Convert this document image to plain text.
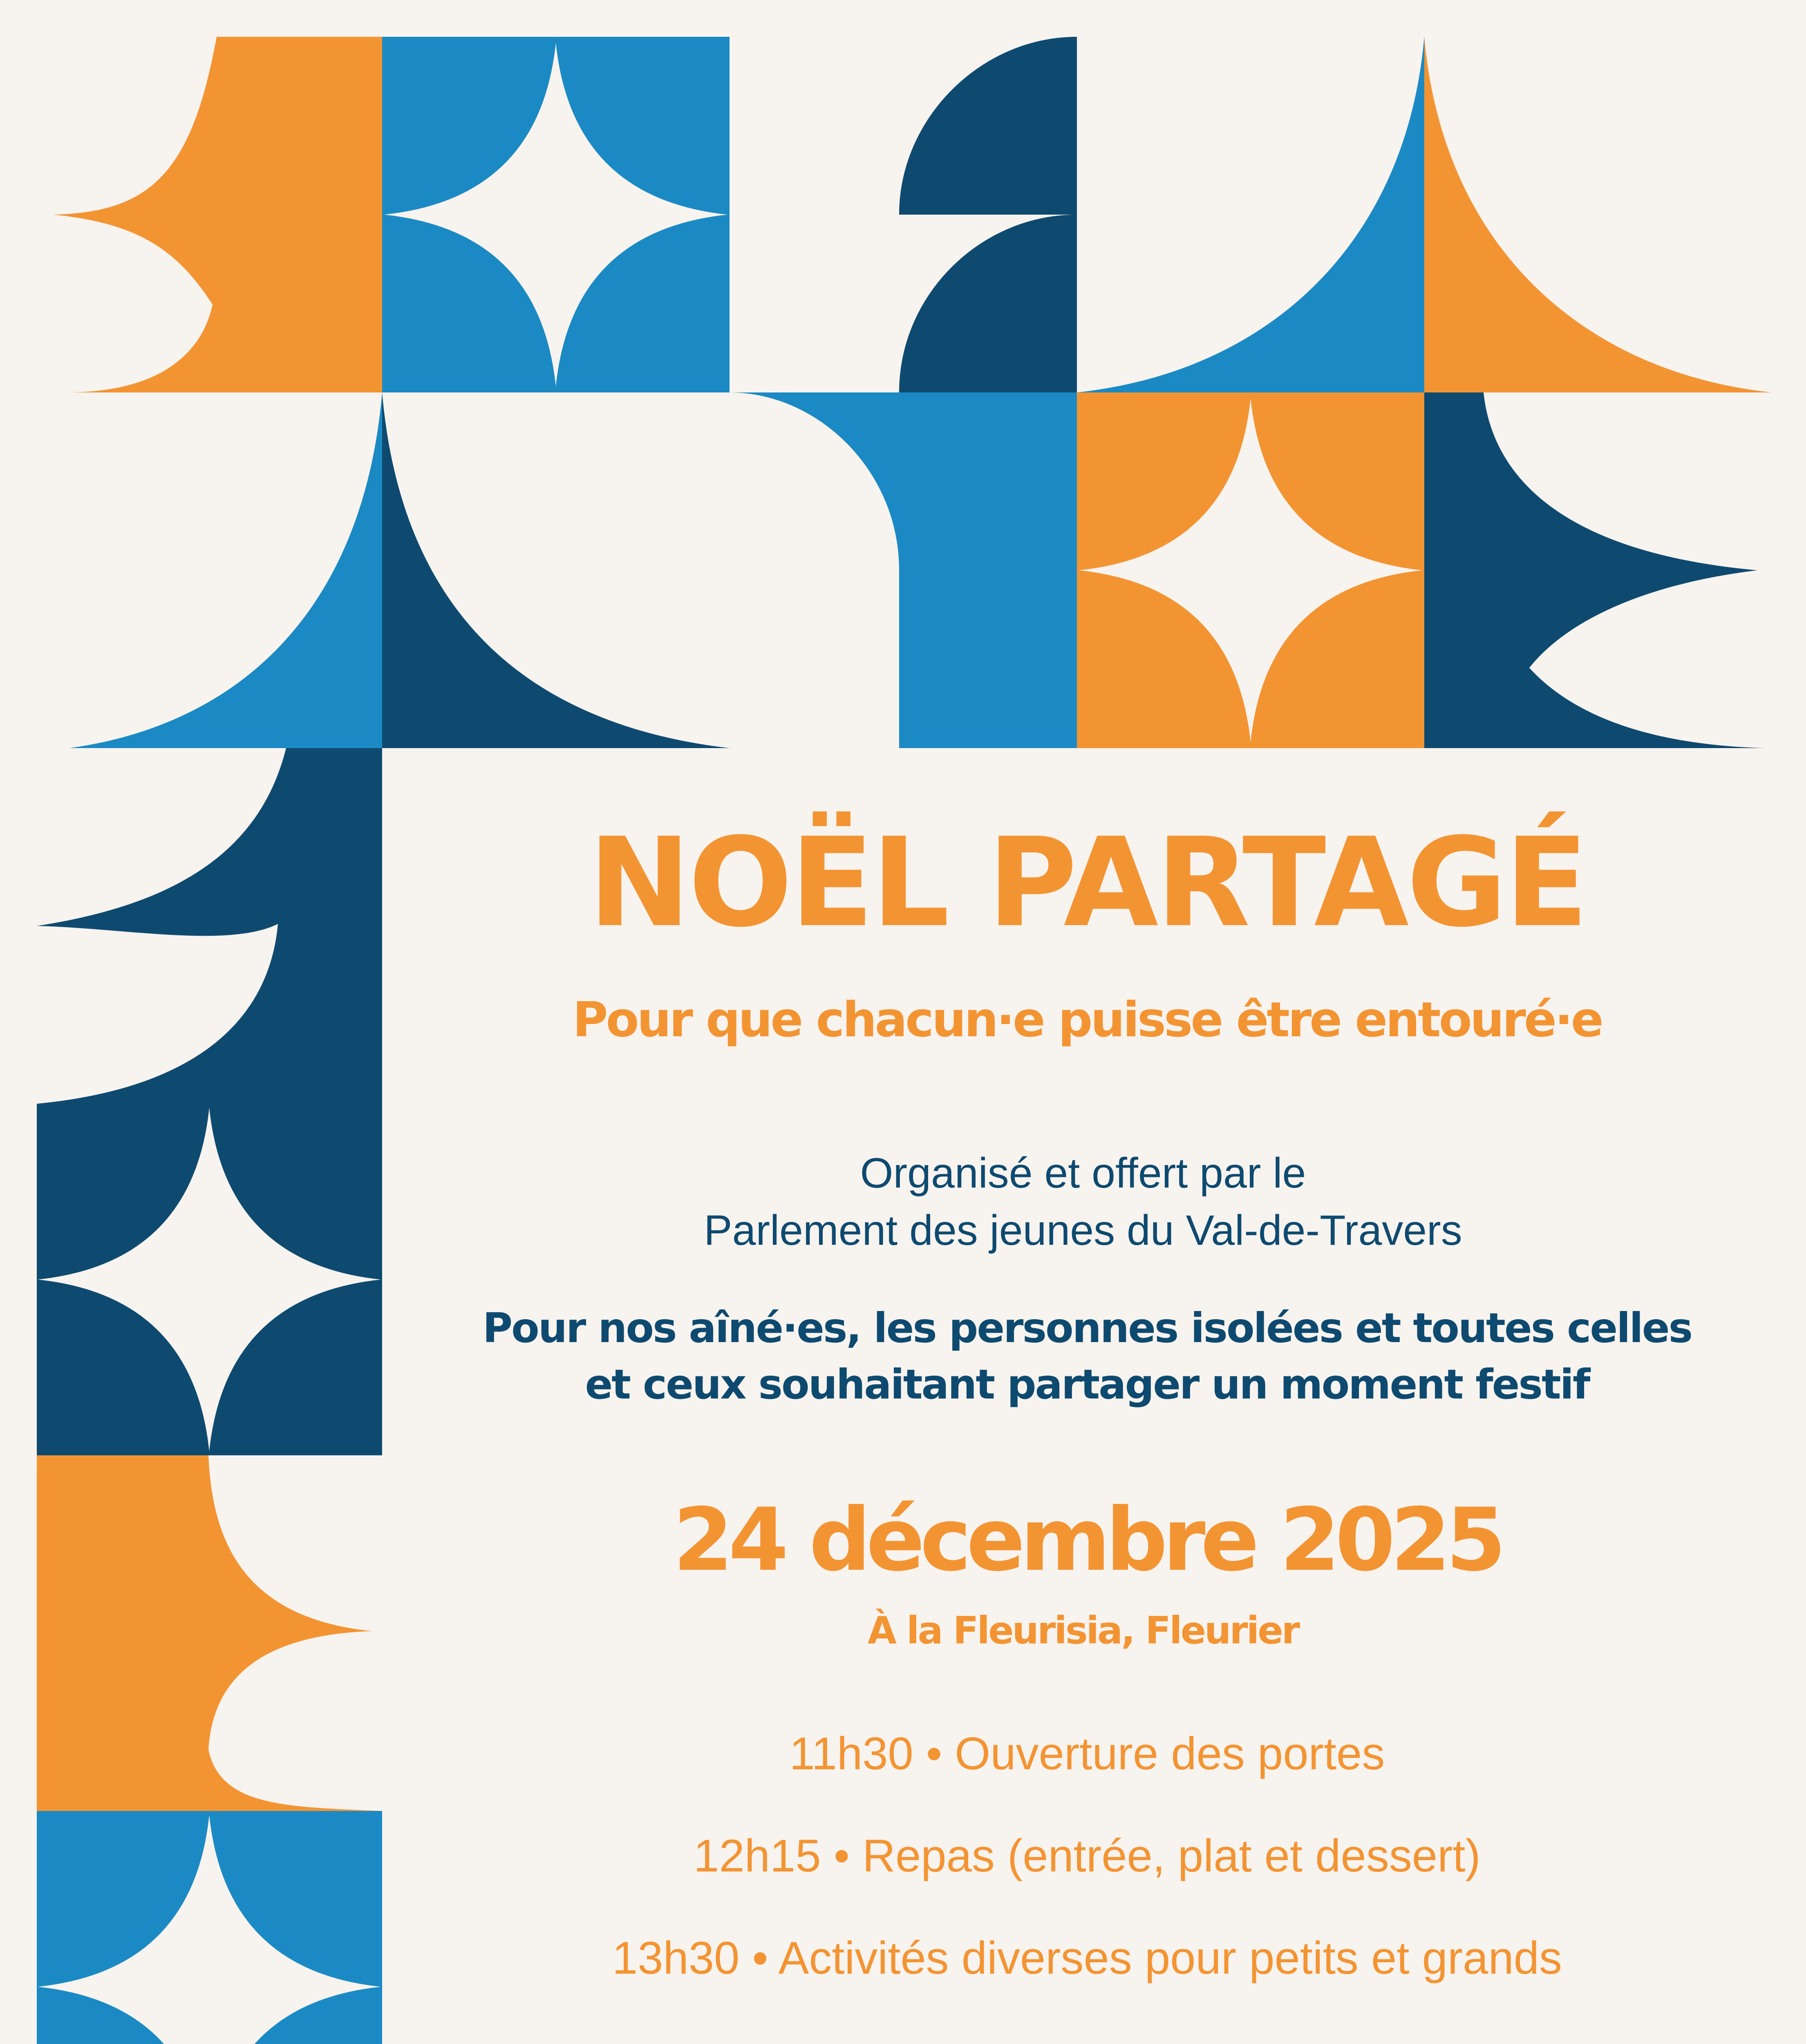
NOËL PARTAGÉ

Pour que chacun·e puisse être entouré·e

Organisé et offert par le
Parlement des jeunes du Val-de-Travers
Pour nos aîné·es, les personnes isolées et toutes celles
et ceux souhaitant partager un moment festif
24 décembre 2025
À la Fleurisia, Fleurier
11h30 • Ouverture des portes
12h15 • Repas (entrée, plat et dessert)
13h30 • Activités diverses pour petits et grands
